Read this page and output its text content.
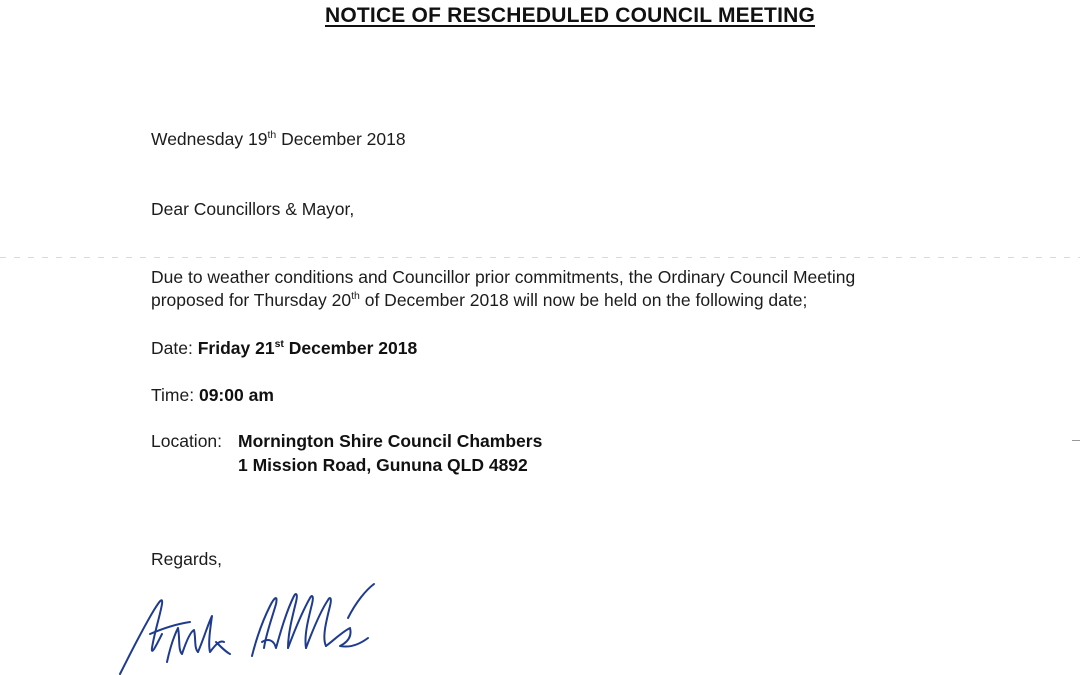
NOTICE OF RESCHEDULED COUNCIL MEETING
Wednesday 19th December 2018
Dear Councillors & Mayor,
Due to weather conditions and Councillor prior commitments, the Ordinary Council Meeting
proposed for Thursday 20th of December 2018 will now be held on the following date;
Date: Friday 21st December 2018
Time: 09:00 am
Location: Mornington Shire Council Chambers
1 Mission Road, Gununa QLD 4892
Regards,
